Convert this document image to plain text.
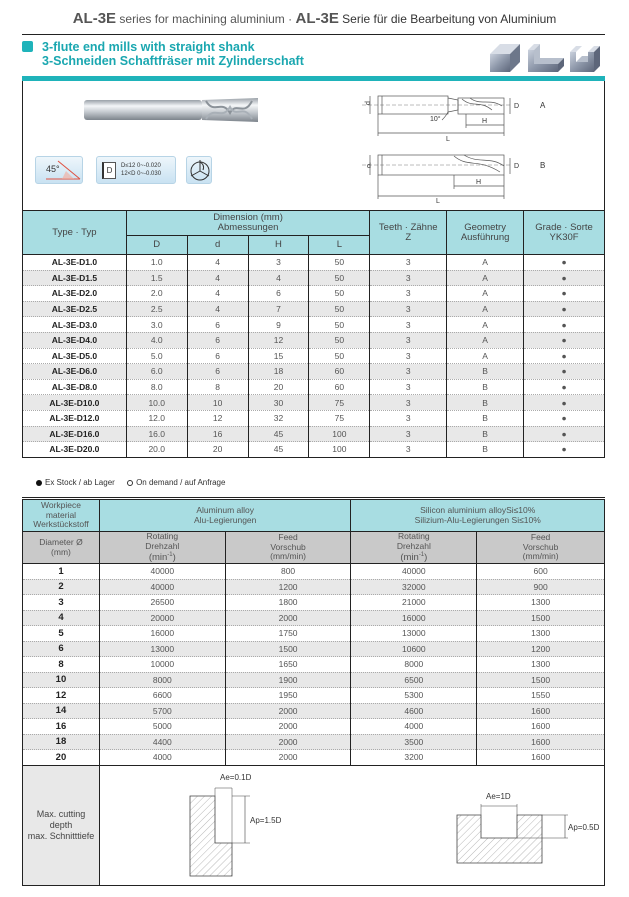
AL-3E series for machining aluminium · AL-3E Serie für die Bearbeitung von Aluminium
3-flute end mills with straight shank
3-Schneiden Schaftfräser mit Zylinderschaft
45°	D	D≤12 0~-0.020
12<D 0~-0.030
d	D
10°	H
L
A
d	D
H
L
B
Type · Typ	
Dimension (mm)
Abmessungen	Teeth · Zähne
Z

Geometry
Ausführung

Grade · Sorte
YK30F

	D	d	H	L			
AL-3E-D1.0	1.0	4	3	50	3	A	●
AL-3E-D1.5	1.5	4	4	50	3	A	●
AL-3E-D2.0	2.0	4	6	50	3	A	●
AL-3E-D2.5	2.5	4	7	50	3	A	●
AL-3E-D3.0	3.0	6	9	50	3	A	●
AL-3E-D4.0	4.0	6	12	50	3	A	●
AL-3E-D5.0	5.0	6	15	50	3	A	●
AL-3E-D6.0	6.0	6	18	60	3	B	●
AL-3E-D8.0	8.0	8	20	60	3	B	●
AL-3E-D10.0	10.0	10	30	75	3	B	●
AL-3E-D12.0	12.0	12	32	75	3	B	●
AL-3E-D16.0	16.0	16	45	100	3	B	●
AL-3E-D20.0	20.0	20	45	100	3	B	●
Ex Stock / ab Lager	On demand / auf Anfrage
Workpiece
material
Werkstückstoff

Aluminum alloy
Alu-Legierungen

Silicon aluminium alloySi≤10%
Silizium-Alu-Legierungen Si≤10%

Diameter Ø
(mm)

Rotating
Drehzahl
$(\min^{-1})$

Feed
Vorschub
(mm/min)

Rotating
Drehzahl
$(\min^{-1})$

Feed
Vorschub
(mm/min)

1	40000	800	40000	600
2	40000	1200	32000	900
3	26500	1800	21000	1300
4	20000	2000	16000	1500
5	16000	1750	13000	1300
6	13000	1500	10600	1200
8	10000	1650	8000	1300
10	8000	1900	6500	1500
12	6600	1950	5300	1550
14	5700	2000	4600	1600
16	5000	2000	4000	1600
18	4400	2000	3500	1600
20	4000	2000	3200	1600

Max. cutting
depth
max. Schnitttiefe

Ae=0.1D
Ap=1.5D
Ae=1D
Ap=0.5D
